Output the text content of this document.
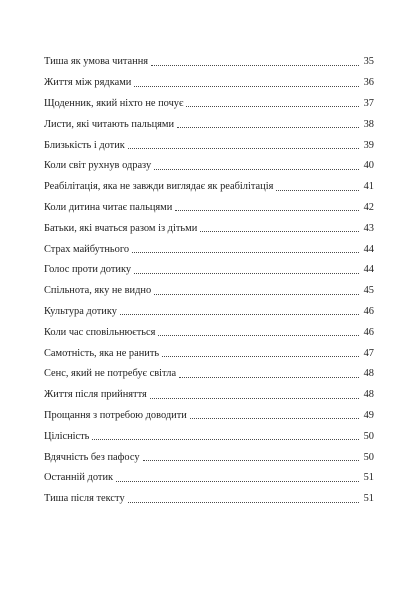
Тиша як умова читання	35
Життя між рядками	36
Щоденник, який ніхто не почує	37
Листи, які читають пальцями	38
Близькість і дотик	39
Коли світ рухнув одразу	40
Реабілітація, яка не завжди виглядає як реабілітація	41
Коли дитина читає пальцями	42
Батьки, які вчаться разом із дітьми	43
Страх майбутнього	44
Голос проти дотику	44
Спільнота, яку не видно	45
Культура дотику	46
Коли час сповільнюється	46
Самотність, яка не ранить	47
Сенс, який не потребує світла	48
Життя після прийняття	48
Прощання з потребою доводити	49
Цілісність	50
Вдячність без пафосу	50
Останній дотик	51
Тиша після тексту	51
